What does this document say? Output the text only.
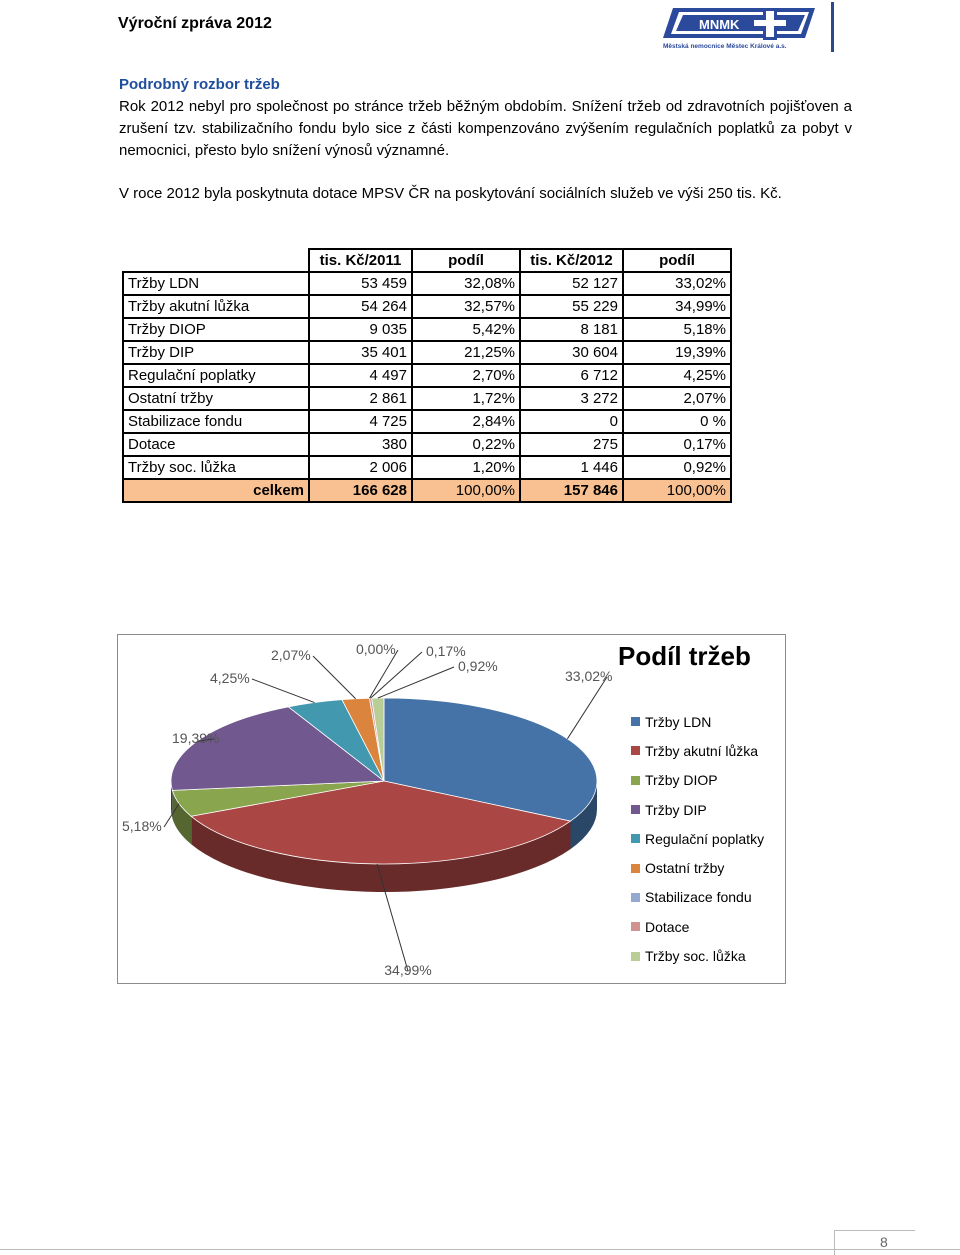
Výroční zpráva 2012	MNMK
Městská nemocnice Městec Králové a.s.
Podrobný rozbor tržeb
Rok 2012 nebyl pro společnost po stránce tržeb běžným obdobím. Snížení tržeb od zdravotních pojišťoven a zrušení tzv. stabilizačního fondu bylo sice z části kompenzováno zvýšením regulačních poplatků za pobyt v nemocnici, přesto bylo snížení výnosů významné.
V roce 2012 byla poskytnuta dotace MPSV ČR na poskytování sociálních služeb ve výši 250 tis. Kč.
	tis. Kč/2011	podíl	tis. Kč/2012	podíl
Tržby LDN	53 459	32,08%	52 127	33,02%
Tržby akutní lůžka	54 264	32,57%	55 229	34,99%
Tržby DIOP	9 035	5,42%	8 181	5,18%
Tržby DIP	35 401	21,25%	30 604	19,39%
Regulační poplatky	4 497	2,70%	6 712	4,25%
Ostatní tržby	2 861	1,72%	3 272	2,07%
Stabilizace fondu	4 725	2,84%	0	0 %
Dotace	380	0,22%	275	0,17%
Tržby soc. lůžka	2 006	1,20%	1 446	0,92%
celkem	166 628	100,00%	157 846	100,00%
33,02%
34,99%
5,18%
19,39%
4,25%
2,07%	0,00% 0,17%
0,92%	Podíl tržeb
Tržby LDN
Tržby akutní lůžka
Tržby DIOP
Tržby DIP
Regulační poplatky
Ostatní tržby
Stabilizace fondu
Dotace
Tržby soc. lůžka
8
